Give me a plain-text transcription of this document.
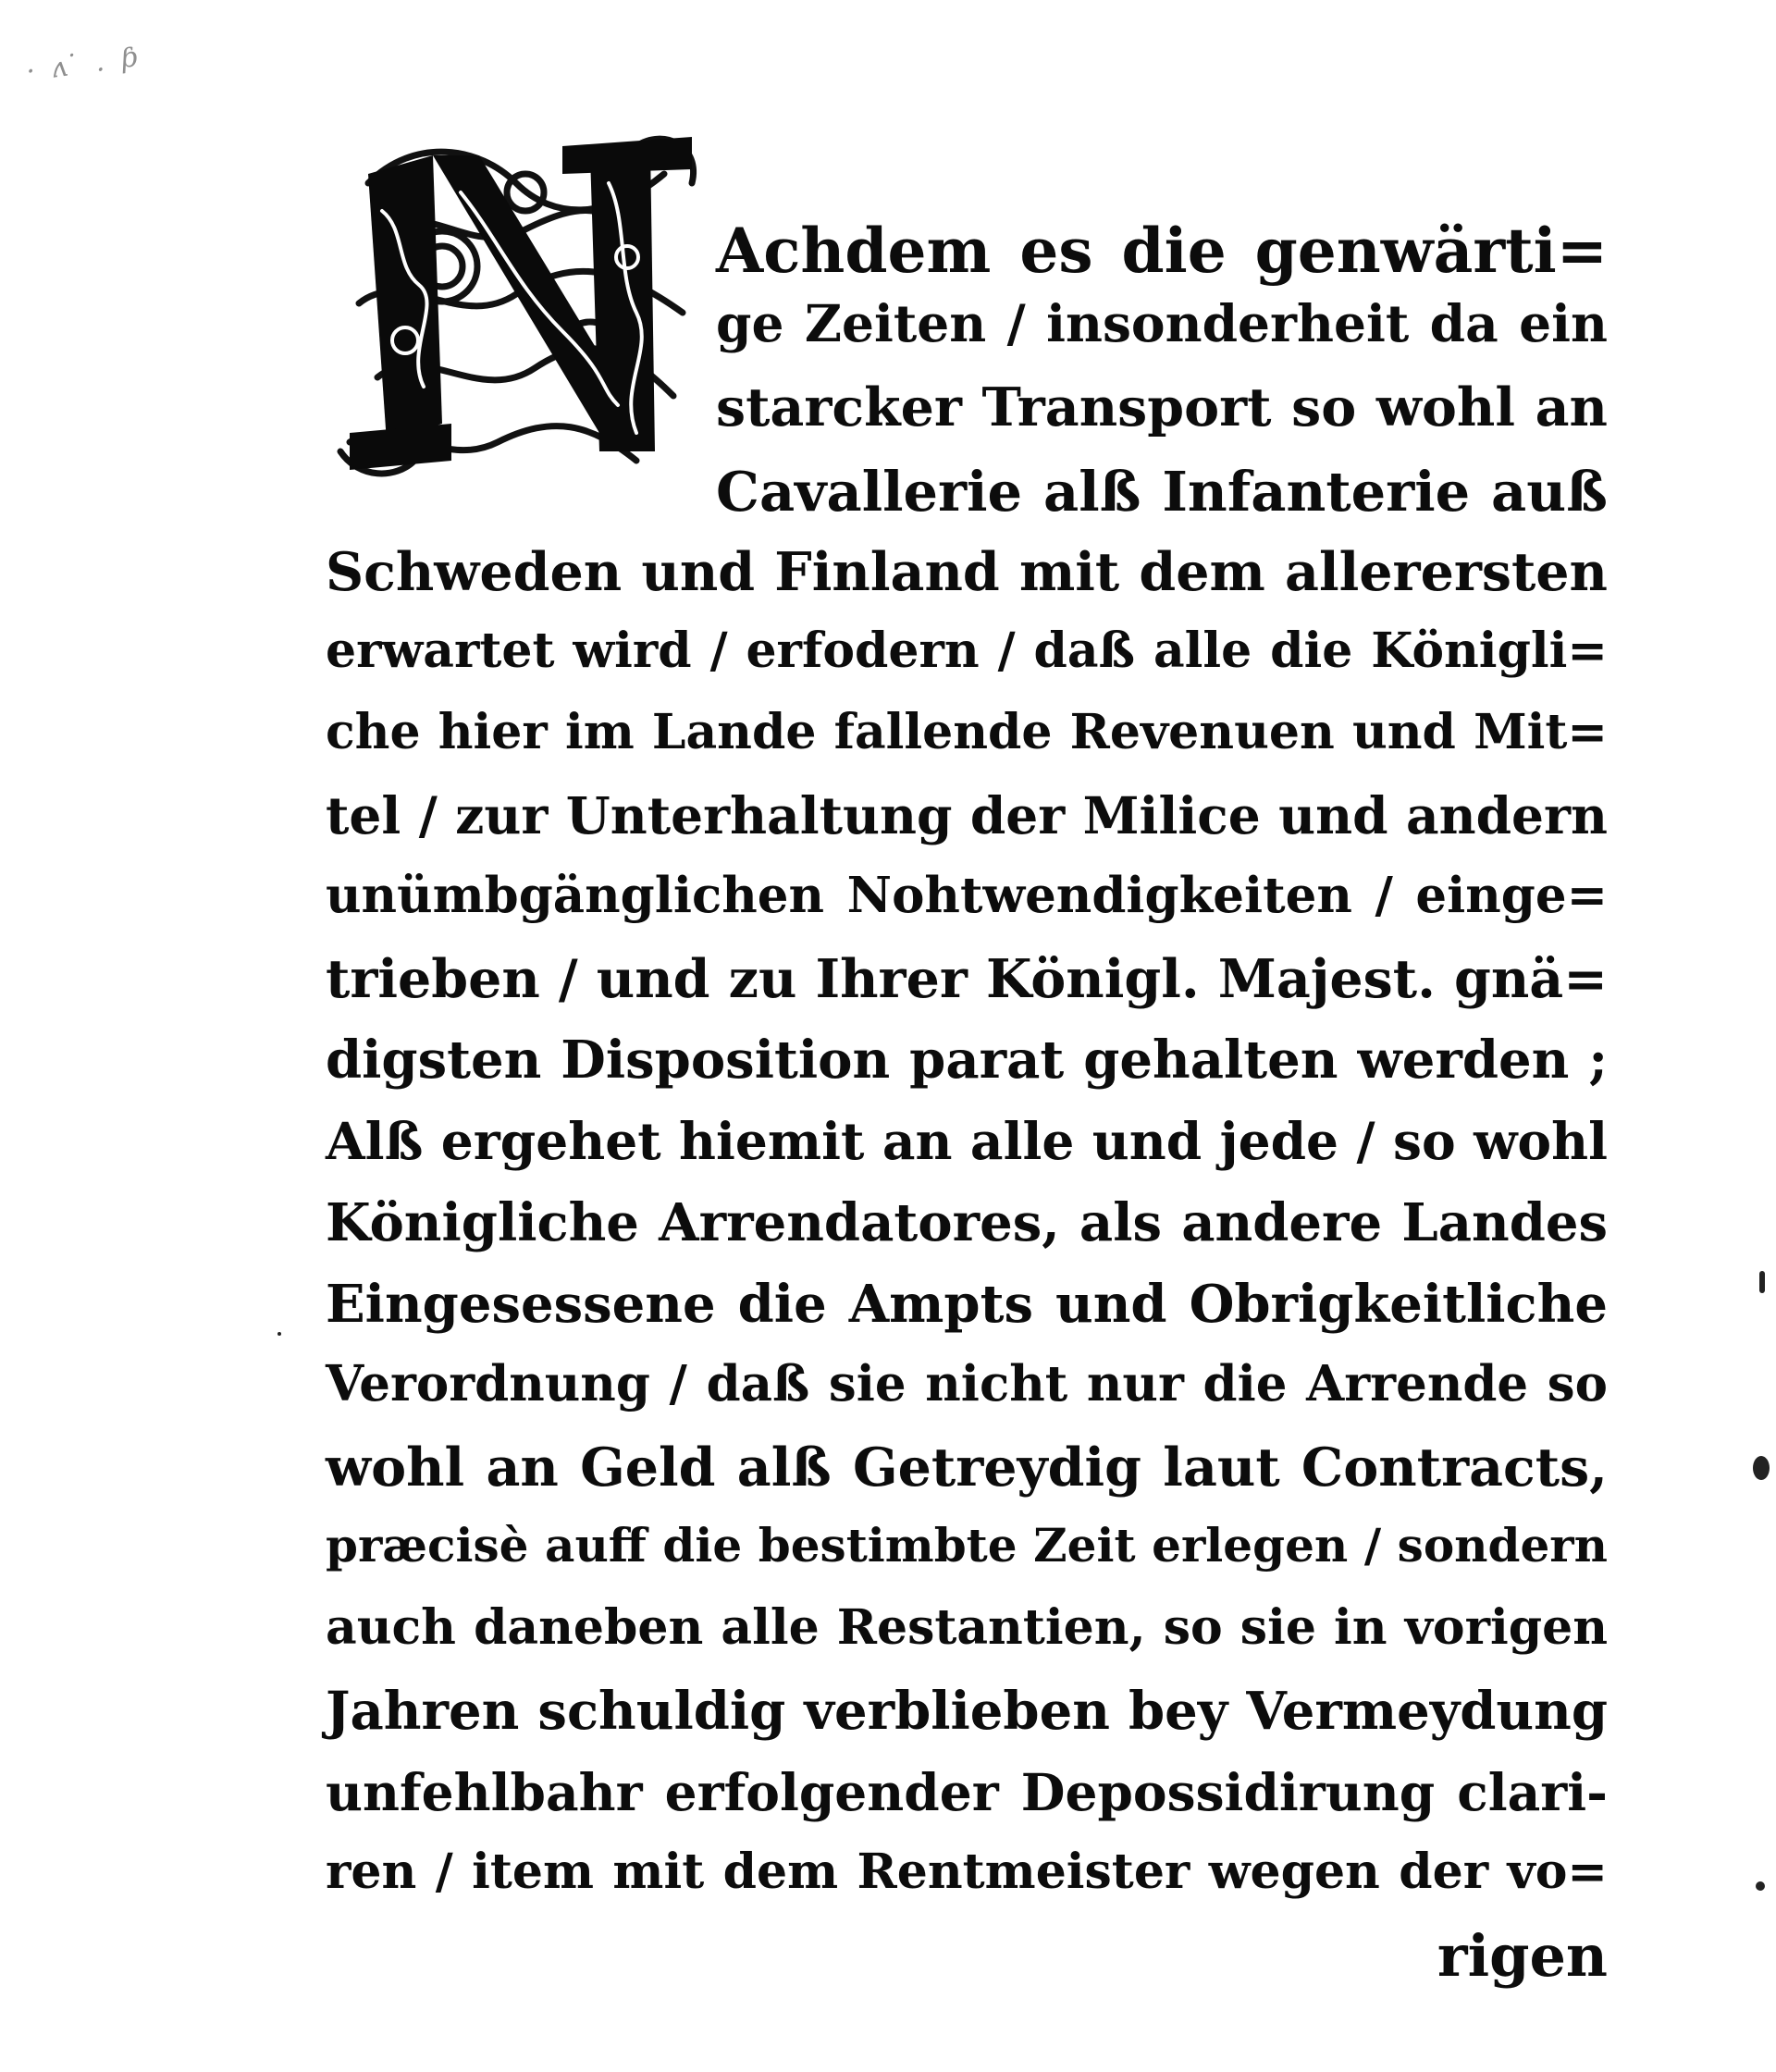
· ʌ ̇ . ƥ
Achdem es die genwärti=
ge Zeiten / insonderheit da ein
starcker Transport so wohl an
Cavallerie alß Infanterie auß
Schweden und Finland mit dem allerersten
erwartet wird / erfodern / daß alle die Königli=
che hier im Lande fallende Revenuen und Mit=
tel / zur Unterhaltung der Milice und andern
unümbgänglichen Nohtwendigkeiten / einge=
trieben / und zu Ihrer Königl. Majest. gnä=
digsten Disposition parat gehalten werden ;
Alß ergehet hiemit an alle und jede / so wohl
Königliche Arrendatores, als andere Landes
Eingesessene die Ampts und Obrigkeitliche
Verordnung / daß sie nicht nur die Arrende so
wohl an Geld alß Getreydig laut Contracts,
præcisè auff die bestimbte Zeit erlegen / sondern
auch daneben alle Restantien, so sie in vorigen
Jahren schuldig verblieben bey Vermeydung
unfehlbahr erfolgender Depossidirung clari-
ren / item mit dem Rentmeister wegen der vo=
rigen
